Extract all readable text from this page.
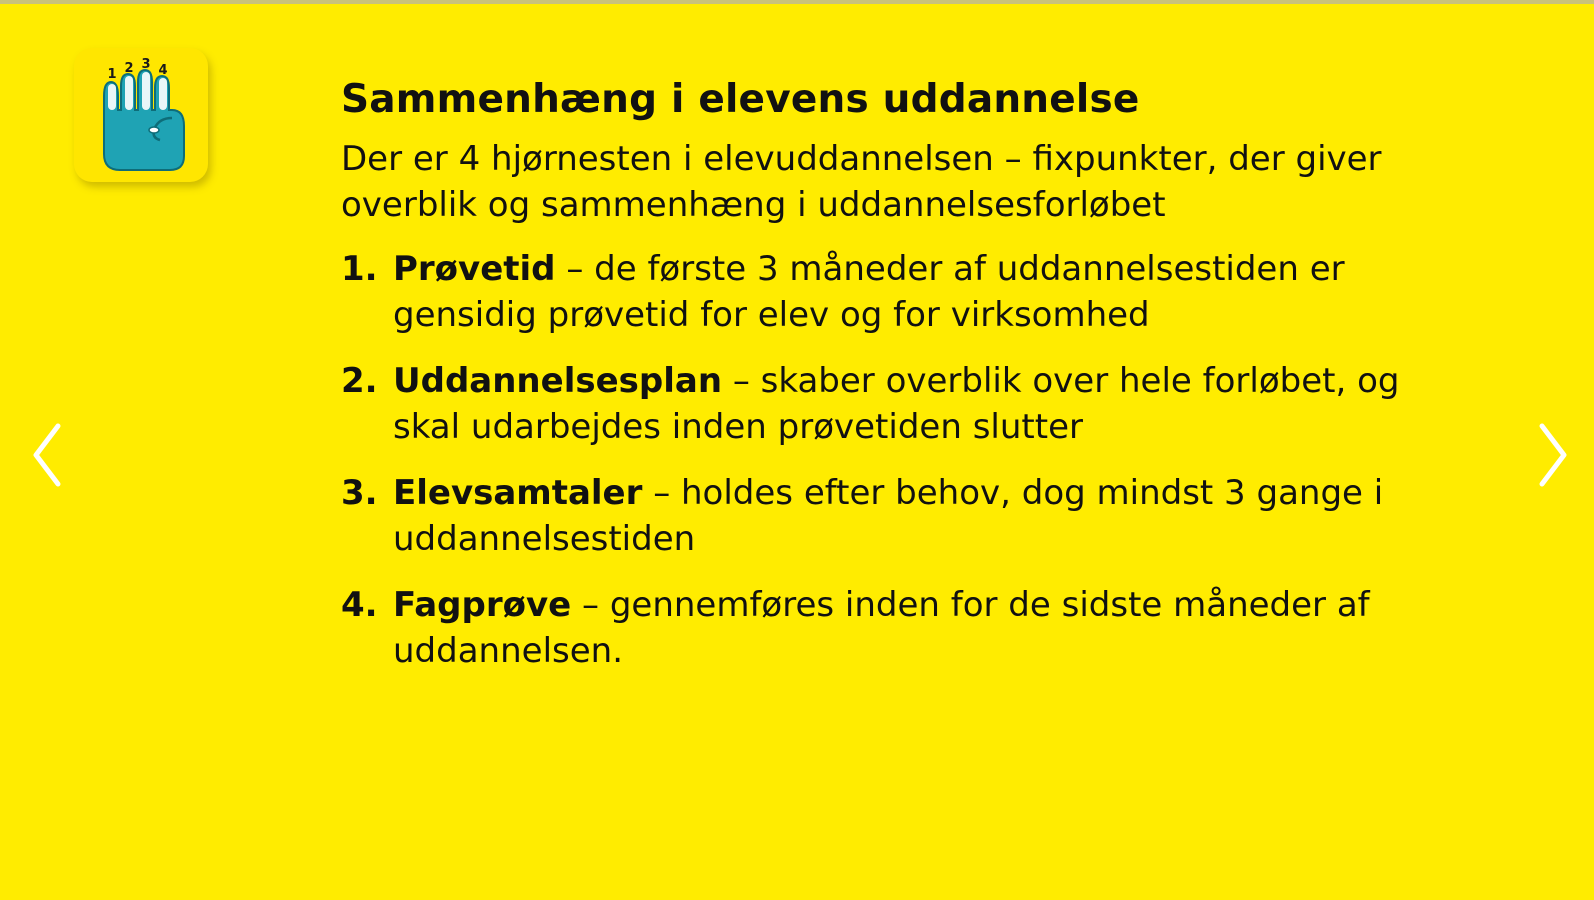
1 2 3 4
Sammenhæng i elevens uddannelse

Der er 4 hjørnesten i elevuddannelsen – fixpunkter, der giver overblik og sammenhæng i uddannelsesforløbet

1. Prøvetid – de første 3 måneder af uddannelsestiden er gensidig prøvetid for elev og for virksomhed
2. Uddannelsesplan – skaber overblik over hele forløbet, og skal udarbejdes inden prøvetiden slutter
3. Elevsamtaler – holdes efter behov, dog mindst 3 gange i uddannelsestiden
4. Fagprøve – gennemføres inden for de sidste måneder af uddannelsen.
